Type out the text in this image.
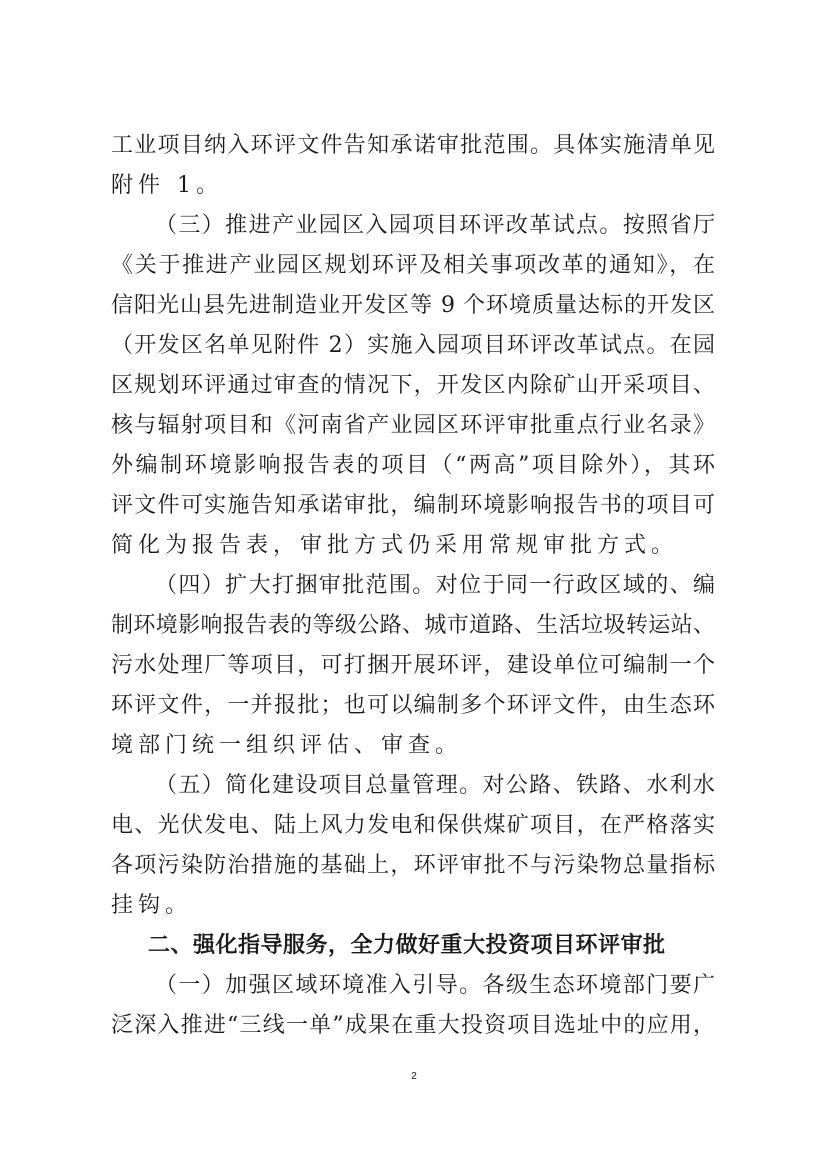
工业项目纳入环评文件告知承诺审批范围。具体实施清单见
附件 1。
（三）推进产业园区入园项目环评改革试点。按照省厅
《关于推进产业园区规划环评及相关事项改革的通知》，在
信阳光山县先进制造业开发区等 9 个环境质量达标的开发区
（开发区名单见附件 2）实施入园项目环评改革试点。在园
区规划环评通过审查的情况下，开发区内除矿山开采项目、
核与辐射项目和《河南省产业园区环评审批重点行业名录》
外编制环境影响报告表的项目（“两高”项目除外），其环
评文件可实施告知承诺审批，编制环境影响报告书的项目可
简化为报告表，审批方式仍采用常规审批方式。
（四）扩大打捆审批范围。对位于同一行政区域的、编
制环境影响报告表的等级公路、城市道路、生活垃圾转运站、
污水处理厂等项目，可打捆开展环评，建设单位可编制一个
环评文件，一并报批；也可以编制多个环评文件，由生态环
境部门统一组织评估、审查。
（五）简化建设项目总量管理。对公路、铁路、水利水
电、光伏发电、陆上风力发电和保供煤矿项目，在严格落实
各项污染防治措施的基础上，环评审批不与污染物总量指标
挂钩。
二、强化指导服务，全力做好重大投资项目环评审批
（一）加强区域环境准入引导。各级生态环境部门要广
泛深入推进“三线一单”成果在重大投资项目选址中的应用，
2
